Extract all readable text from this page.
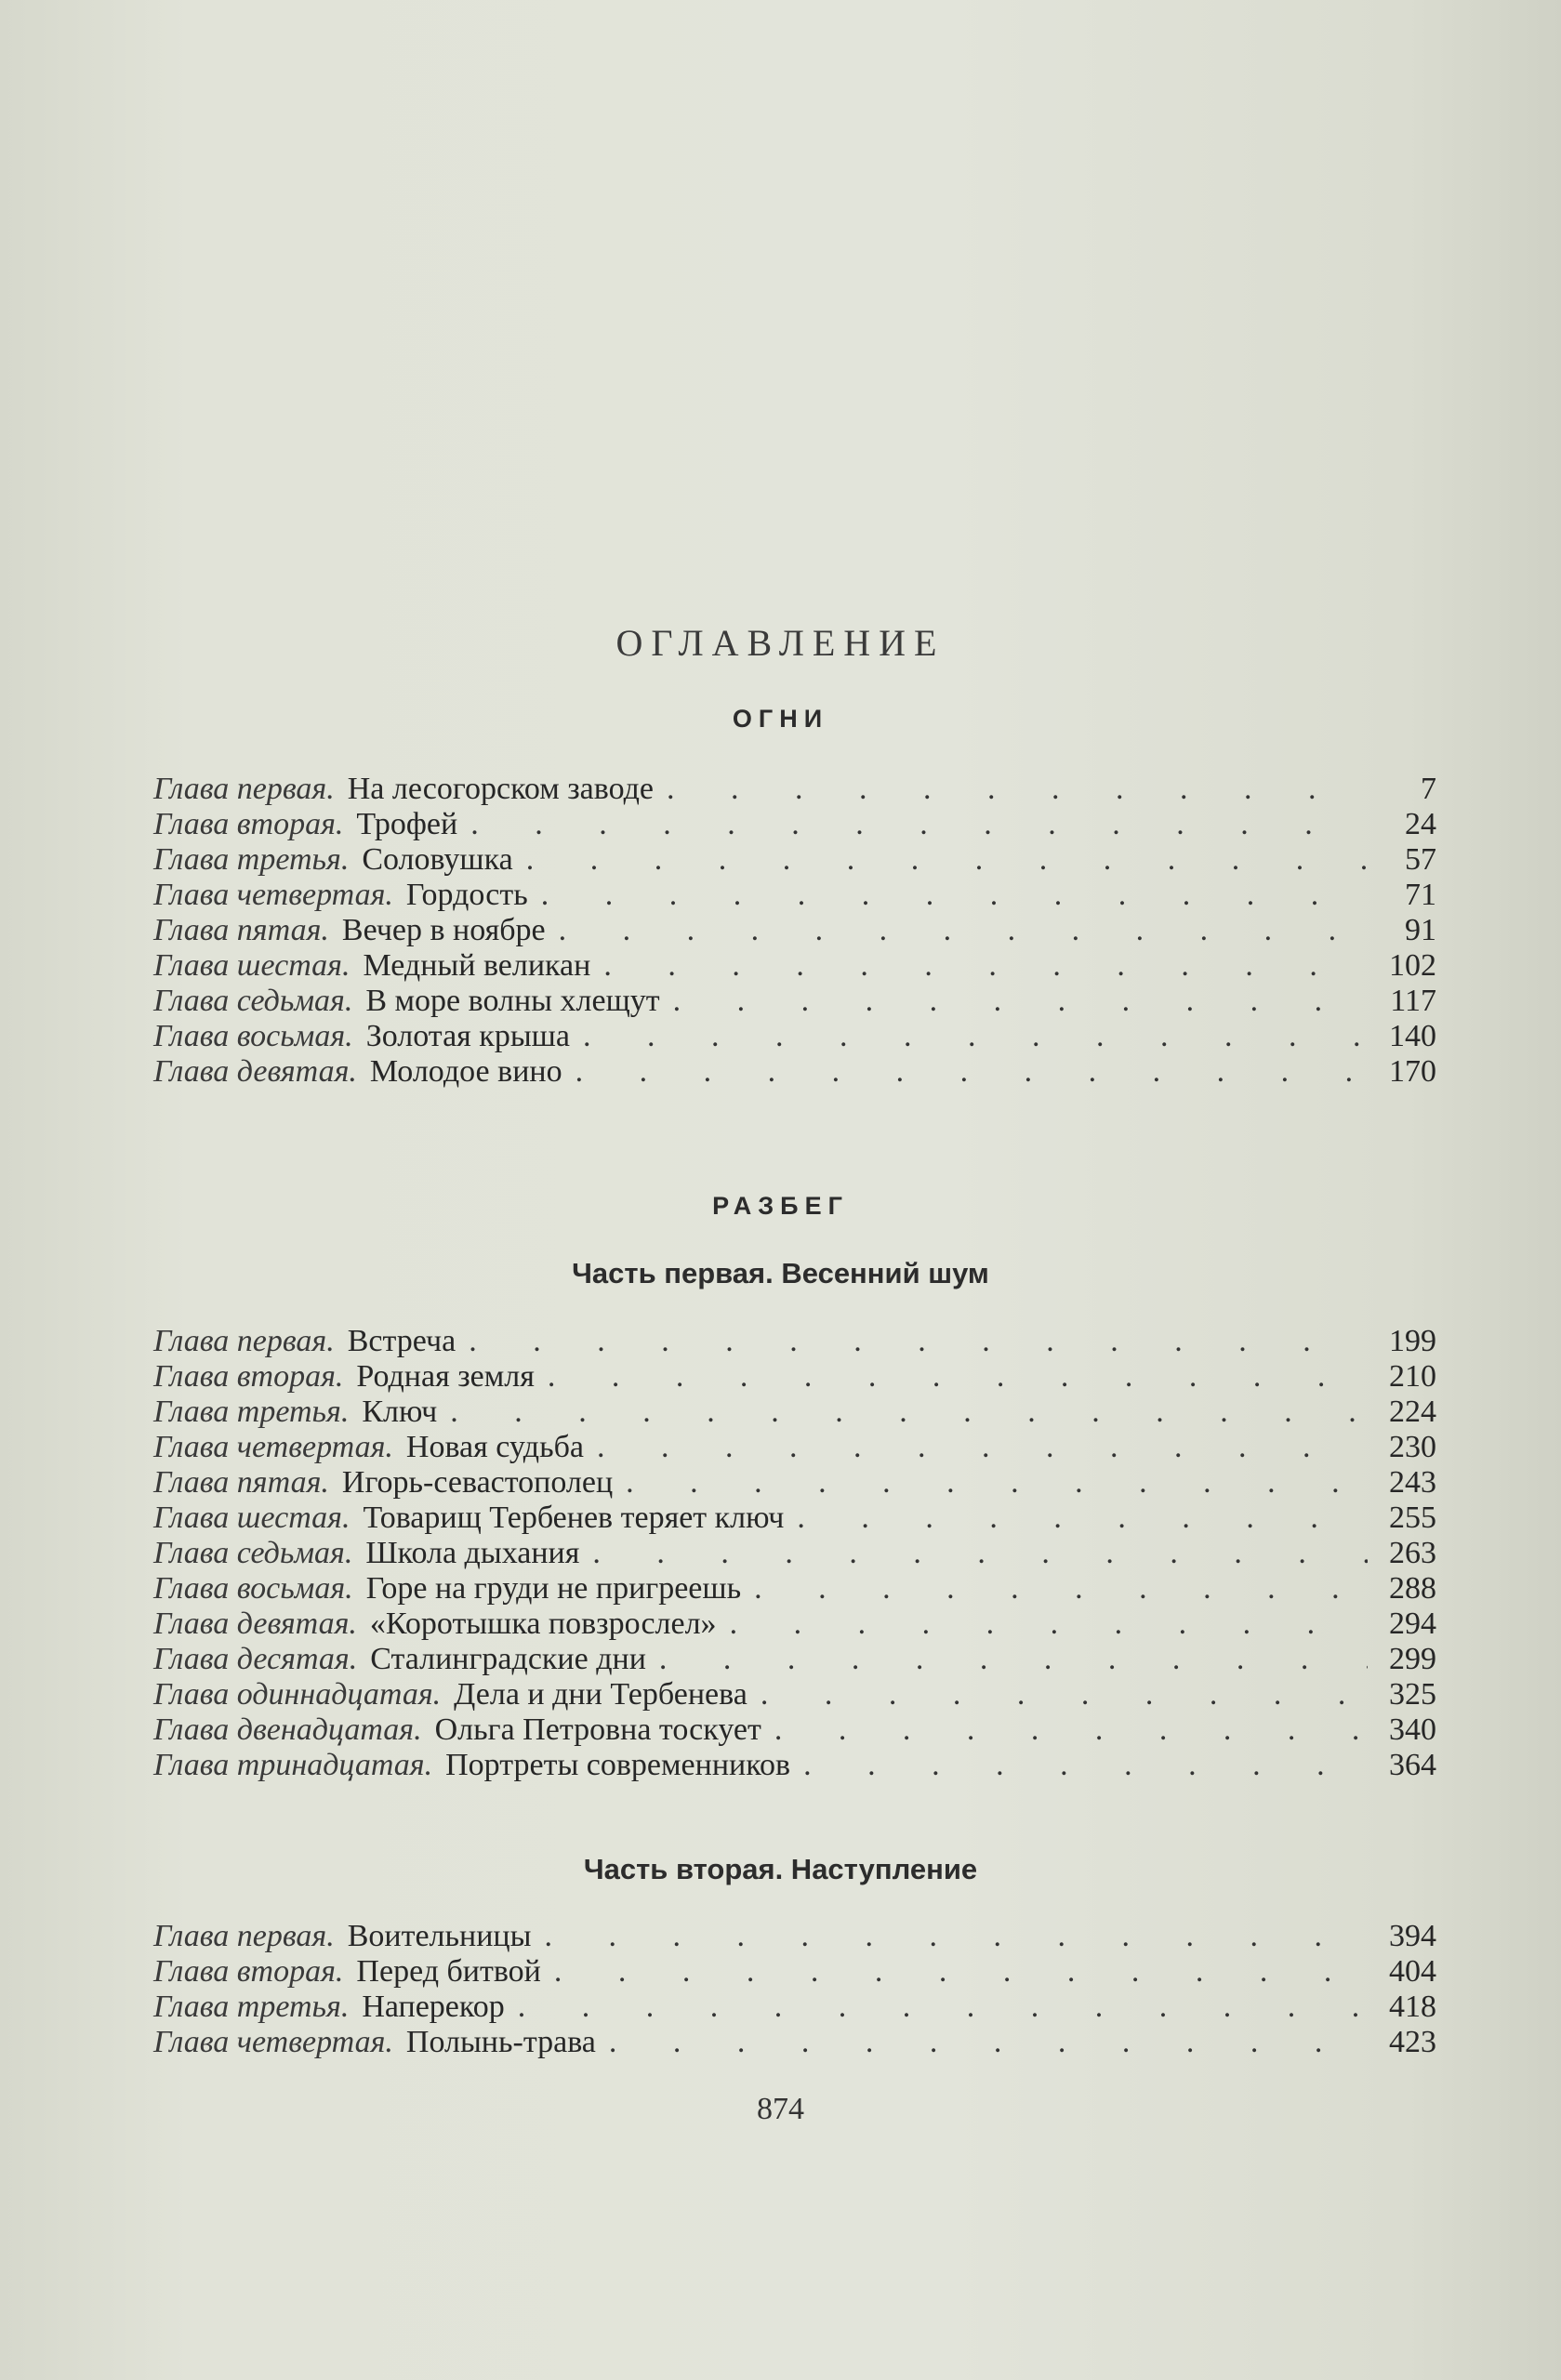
ОГЛАВЛЕНИЕ
ОГНИ
Глава первая. На лесогорском заводе . . .	7
Глава вторая. Трофей . . .	24
Глава третья. Соловушка . . .	57
Глава четвертая. Гордость . . .	71
Глава пятая. Вечер в ноябре . . .	91
Глава шестая. Медный великан . . .	102
Глава седьмая. В море волны хлещут . . .	117
Глава восьмая. Золотая крыша . . .	140
Глава девятая. Молодое вино . . .	170
РАЗБЕГ
Часть первая. Весенний шум
Глава первая. Встреча . . .	199
Глава вторая. Родная земля . . .	210
Глава третья. Ключ . . .	224
Глава четвертая. Новая судьба . . .	230
Глава пятая. Игорь-севастополец . . .	243
Глава шестая. Товарищ Тербенев теряет ключ . . .	255
Глава седьмая. Школа дыхания . . .	263
Глава восьмая. Горе на груди не пригреешь . . .	288
Глава девятая. «Коротышка повзрослел» . . .	294
Глава десятая. Сталинградские дни . . .	299
Глава одиннадцатая. Дела и дни Тербенева . . .	325
Глава двенадцатая. Ольга Петровна тоскует . . .	340
Глава тринадцатая. Портреты современников . . .	364
Часть вторая. Наступление
Глава первая. Воительницы . . .	394
Глава вторая. Перед битвой . . .	404
Глава третья. Наперекор . . .	418
Глава четвертая. Полынь-трава . . .	423
874
